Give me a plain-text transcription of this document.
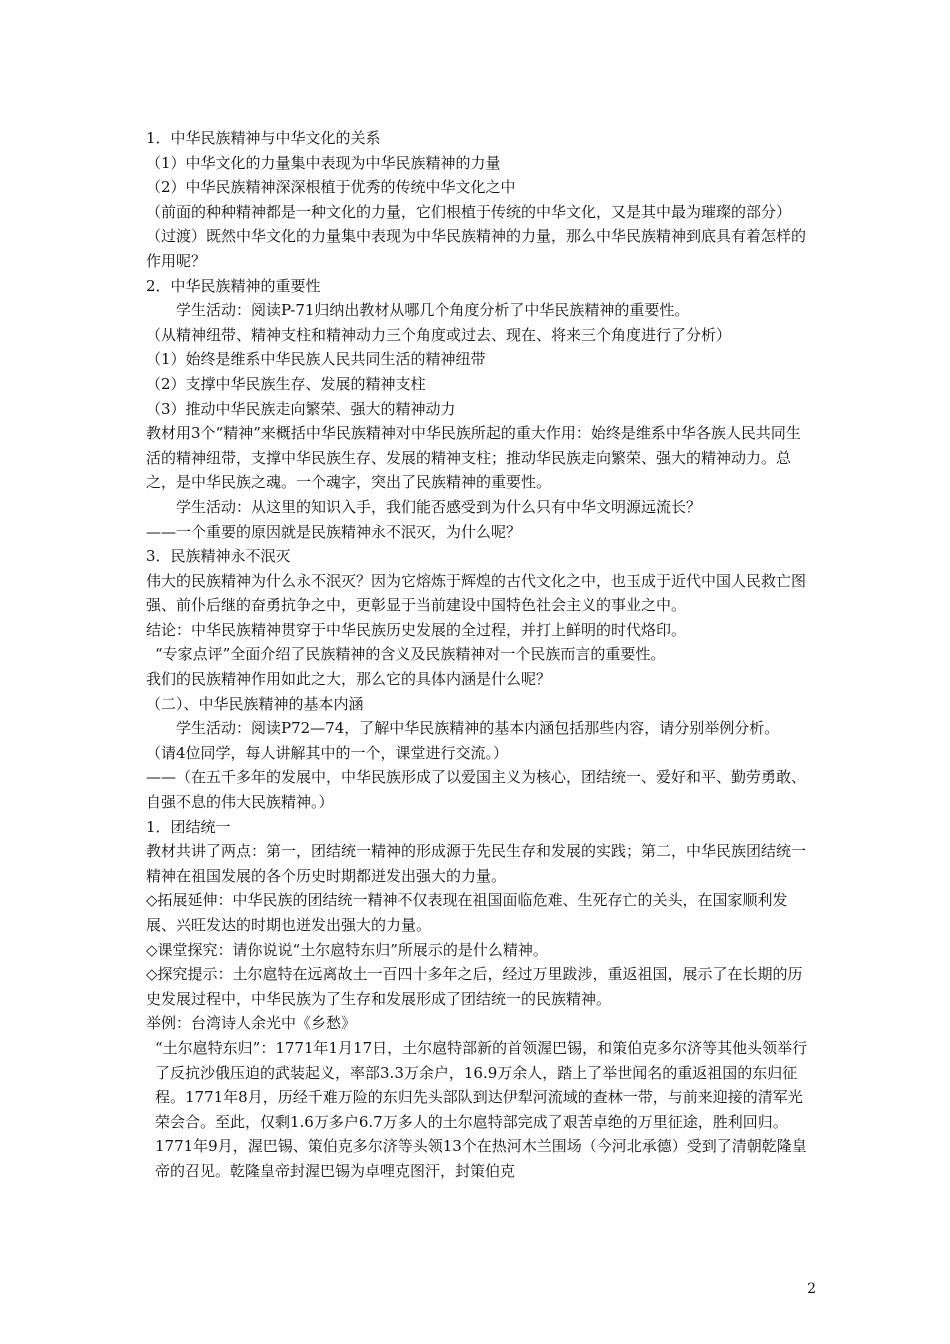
1．中华民族精神与中华文化的关系

（1）中华文化的力量集中表现为中华民族精神的力量

（2）中华民族精神深深根植于优秀的传统中华文化之中

（前面的种种精神都是一种文化的力量，它们根植于传统的中华文化，又是其中最为璀璨的部分）

（过渡）既然中华文化的力量集中表现为中华民族精神的力量，那么中华民族精神到底具有着怎样的作用呢？

2．中华民族精神的重要性

学生活动：阅读P-71归纳出教材从哪几个角度分析了中华民族精神的重要性。

（从精神纽带、精神支柱和精神动力三个角度或过去、现在、将来三个角度进行了分析）

（1）始终是维系中华民族人民共同生活的精神纽带

（2）支撑中华民族生存、发展的精神支柱

（3）推动中华民族走向繁荣、强大的精神动力

教材用3个“精神”来概括中华民族精神对中华民族所起的重大作用：始终是维系中华各族人民共同生活的精神纽带，支撑中华民族生存、发展的精神支柱；推动华民族走向繁荣、强大的精神动力。总之，是中华民族之魂。一个魂字，突出了民族精神的重要性。

学生活动：从这里的知识入手，我们能否感受到为什么只有中华文明源远流长？

——一个重要的原因就是民族精神永不泯灭，为什么呢？

3．民族精神永不泯灭

伟大的民族精神为什么永不泯灭？因为它熔炼于辉煌的古代文化之中，也玉成于近代中国人民救亡图强、前仆后继的奋勇抗争之中，更彰显于当前建设中国特色社会主义的事业之中。

结论：中华民族精神贯穿于中华民族历史发展的全过程，并打上鲜明的时代烙印。

“专家点评”全面介绍了民族精神的含义及民族精神对一个民族而言的重要性。

我们的民族精神作用如此之大，那么它的具体内涵是什么呢？

（二）、中华民族精神的基本内涵

学生活动：阅读P72—74，了解中华民族精神的基本内涵包括那些内容，请分别举例分析。

（请4位同学，每人讲解其中的一个，课堂进行交流。）

——（在五千多年的发展中，中华民族形成了以爱国主义为核心，团结统一、爱好和平、勤劳勇敢、自强不息的伟大民族精神。）

1．团结统一

教材共讲了两点：第一，团结统一精神的形成源于先民生存和发展的实践；第二，中华民族团结统一精神在祖国发展的各个历史时期都迸发出强大的力量。

◇拓展延伸：中华民族的团结统一精神不仅表现在祖国面临危难、生死存亡的关头，在国家顺利发展、兴旺发达的时期也迸发出强大的力量。

◇课堂探究：请你说说“土尔扈特东归”所展示的是什么精神。

◇探究提示：土尔扈特在远离故土一百四十多年之后，经过万里跋涉，重返祖国，展示了在长期的历史发展过程中，中华民族为了生存和发展形成了团结统一的民族精神。

举例：台湾诗人余光中《乡愁》

“土尔扈特东归”：1771年1月17日，土尔扈特部新的首领渥巴锡，和策伯克多尔济等其他头领举行了反抗沙俄压迫的武装起义，率部3.3万余户，16.9万余人，踏上了举世闻名的重返祖国的东归征程。1771年8月，历经千难万险的东归先头部队到达伊犁河流域的查林一带，与前来迎接的清军光荣会合。至此，仅剩1.6万多户6.7万多人的土尔扈特部完成了艰苦卓绝的万里征途，胜利回归。 1771年9月，渥巴锡、策伯克多尔济等头领13个在热河木兰围场（今河北承德）受到了清朝乾隆皇帝的召见。乾隆皇帝封渥巴锡为卓哩克图汗，封策伯克

2
